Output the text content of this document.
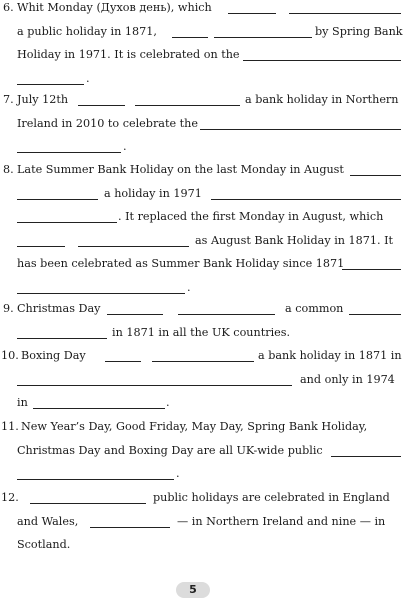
6. Whit Monday (Духов день), which
a public holiday in 1871,	by Spring Bank
Holiday in 1971. It is celebrated on the
.
7. July 12th	a bank holiday in Northern
Ireland in 2010 to celebrate the
.
8. Late Summer Bank Holiday on the last Monday in August
a holiday in 1971
. It replaced the first Monday in August, which
as August Bank Holiday in 1871. It
has been celebrated as Summer Bank Holiday since 1871
.
9. Christmas Day	a common
in 1871 in all the UK countries.
10. Boxing Day	a bank holiday in 1871 in
and only in 1974
in	.
11. New Year’s Day, Good Friday, May Day, Spring Bank Holiday,
Christmas Day and Boxing Day are all UK-wide public
.
12.	public holidays are celebrated in England
and Wales,	— in Northern Ireland and nine — in
Scotland.
5
